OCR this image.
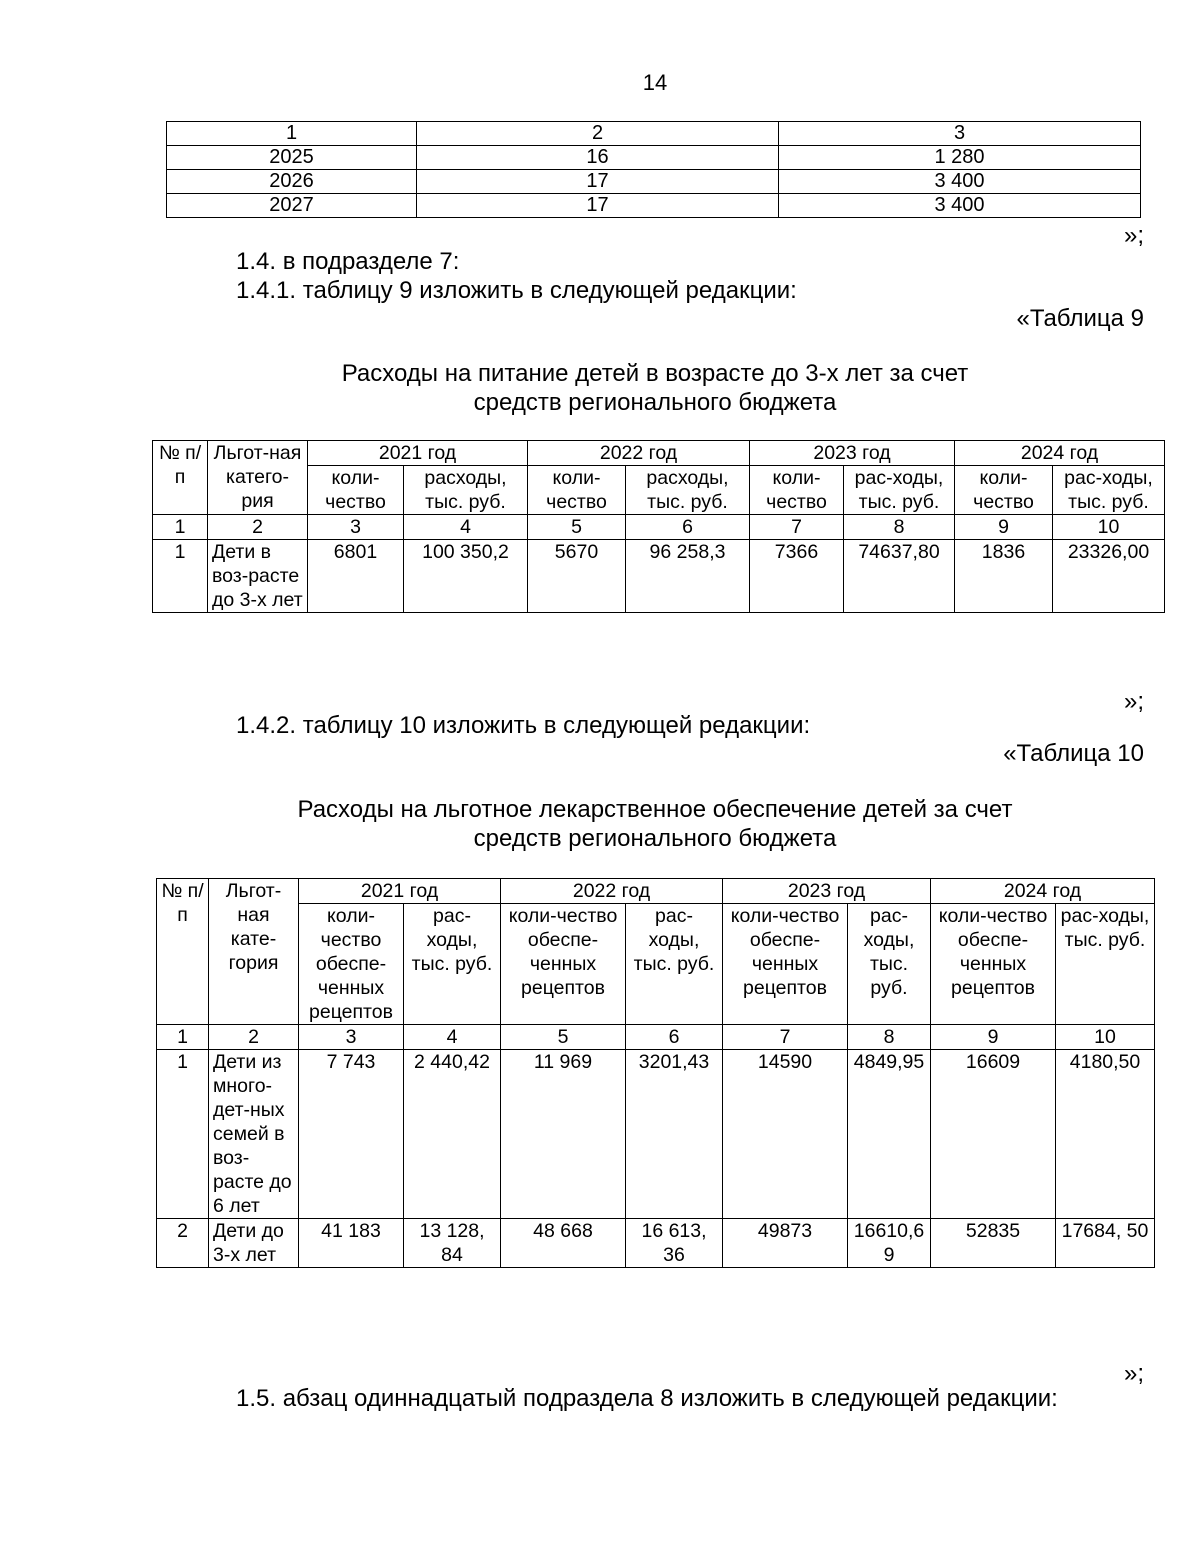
14
1	2	3
2025	16	1 280
2026	17	3 400
2027	17	3 400
»;
1.4. в подразделе 7:
1.4.1. таблицу 9 изложить в следующей редакции:
«Таблица 9
Расходы на питание детей в возрасте до 3-х лет за счет
средств регионального бюджета
№ п/п	Льгот-ная катего-рия	2021 год		2022 год		2023 год		2024 год	
		коли-чество	расходы, тыс. руб.	коли-чество	расходы, тыс. руб.	коли-чество	рас-ходы, тыс. руб.	коли-чество	рас-ходы, тыс. руб.
1	2	3	4	5	6	7	8	9	10
1	Дети в воз-расте до 3-х лет	6801	100 350,2	5670	96 258,3	7366	74637,80	1836	23326,00
»;
1.4.2. таблицу 10 изложить в следующей редакции:
«Таблица 10
Расходы на льготное лекарственное обеспечение детей за счет
средств регионального бюджета
№ п/п	Льгот-ная кате-гория	2021 год		2022 год		2023 год		2024 год	
		коли-чество обеспе-ченных рецептов	рас-ходы, тыс. руб.	коли-чество обеспе-ченных рецептов	рас-ходы, тыс. руб.	коли-чество обеспе-ченных рецептов	рас-ходы, тыс. руб.	коли-чество обеспе-ченных рецептов	рас-ходы, тыс. руб.
1	2	3	4	5	6	7	8	9	10
1	Дети из много-дет-ных семей в воз-расте до 6 лет	7 743	2 440,42	11 969	3201,43	14590	4849,95	16609	4180,50
2	Дети до 3-х лет	41 183	13 128, 84	48 668	16 613, 36	49873	16610,69	52835	17684, 50
»;
1.5. абзац одиннадцатый подраздела 8 изложить в следующей редакции:
